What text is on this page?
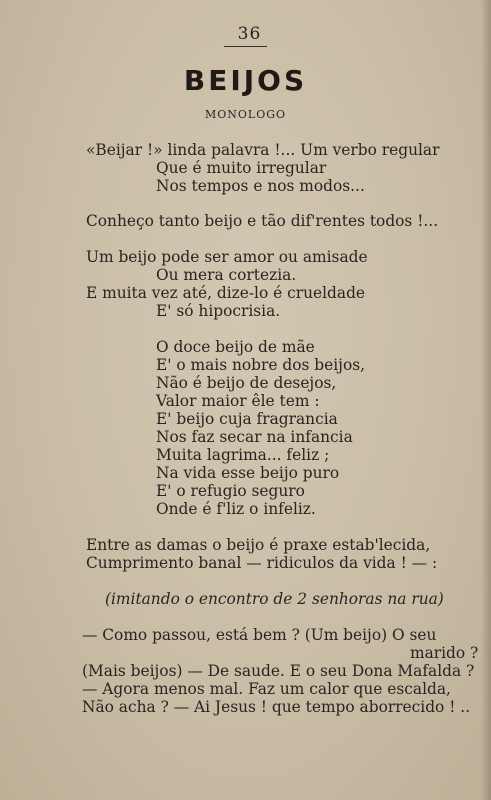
36
BEIJOS
MONOLOGO
«Beijar !» linda palavra !... Um verbo regular
Que é muito irregular
Nos tempos e nos modos...
Conheço tanto beijo e tão dif'rentes todos !...
Um beijo pode ser amor ou amisade
Ou mera cortezia.
E muita vez até, dize-lo é crueldade
E' só hipocrisia.
O doce beijo de mãe
E' o mais nobre dos beijos,
Não é beijo de desejos,
Valor maior êle tem :
E' beijo cuja fragrancia
Nos faz secar na infancia
Muita lagrima... feliz ;
Na vida esse beijo puro
E' o refugio seguro
Onde é f'liz o infeliz.
Entre as damas o beijo é praxe estab'lecida,
Cumprimento banal — ridiculos da vida ! — :
(imitando o encontro de 2 senhoras na rua)
— Como passou, está bem ? (Um beijo) O seu
marido ?
(Mais beijos) — De saude. E o seu Dona Mafalda ?
— Agora menos mal. Faz um calor que escalda,
Não acha ? — Ai Jesus ! que tempo aborrecido ! ..
